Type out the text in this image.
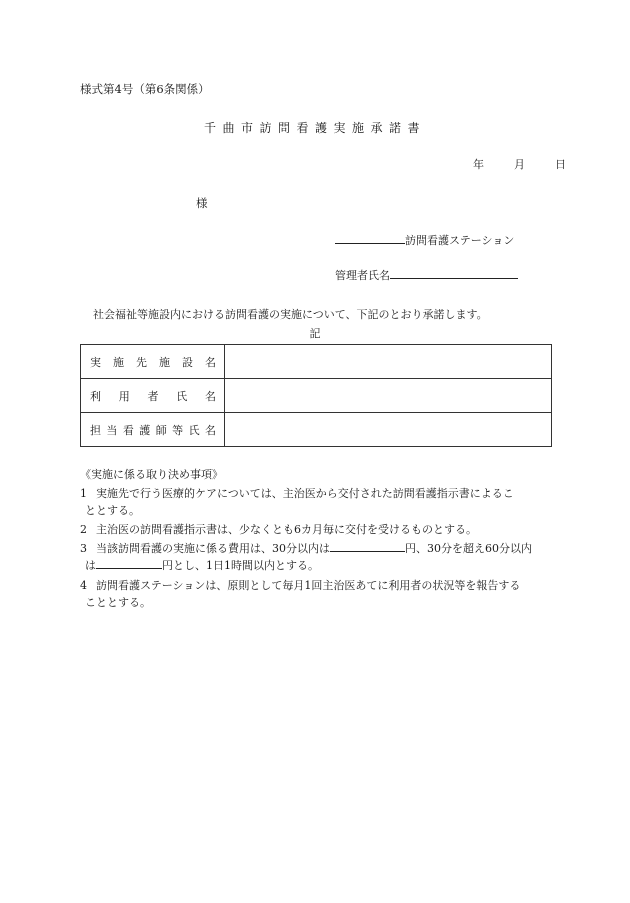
様式第4号（第6条関係）
千曲市訪問看護実施承諾書
年	月	日
様
訪問看護ステーション
管理者氏名
社会福祉等施設内における訪問看護の実施について、下記のとおり承諾します。
記
実施先施設名	
利用者氏名	
担当看護師等氏名	
《実施に係る取り決め事項》
1 実施先で行う医療的ケアについては、主治医から交付された訪問看護指示書によるこ
ととする。
2 主治医の訪問看護指示書は、少なくとも6カ月毎に交付を受けるものとする。
3 当該訪問看護の実施に係る費用は、30分以内は	円、30分を超え60分以内
は	円とし、1日1時間以内とする。
4 訪問看護ステーションは、原則として毎月1回主治医あてに利用者の状況等を報告する
こととする。
